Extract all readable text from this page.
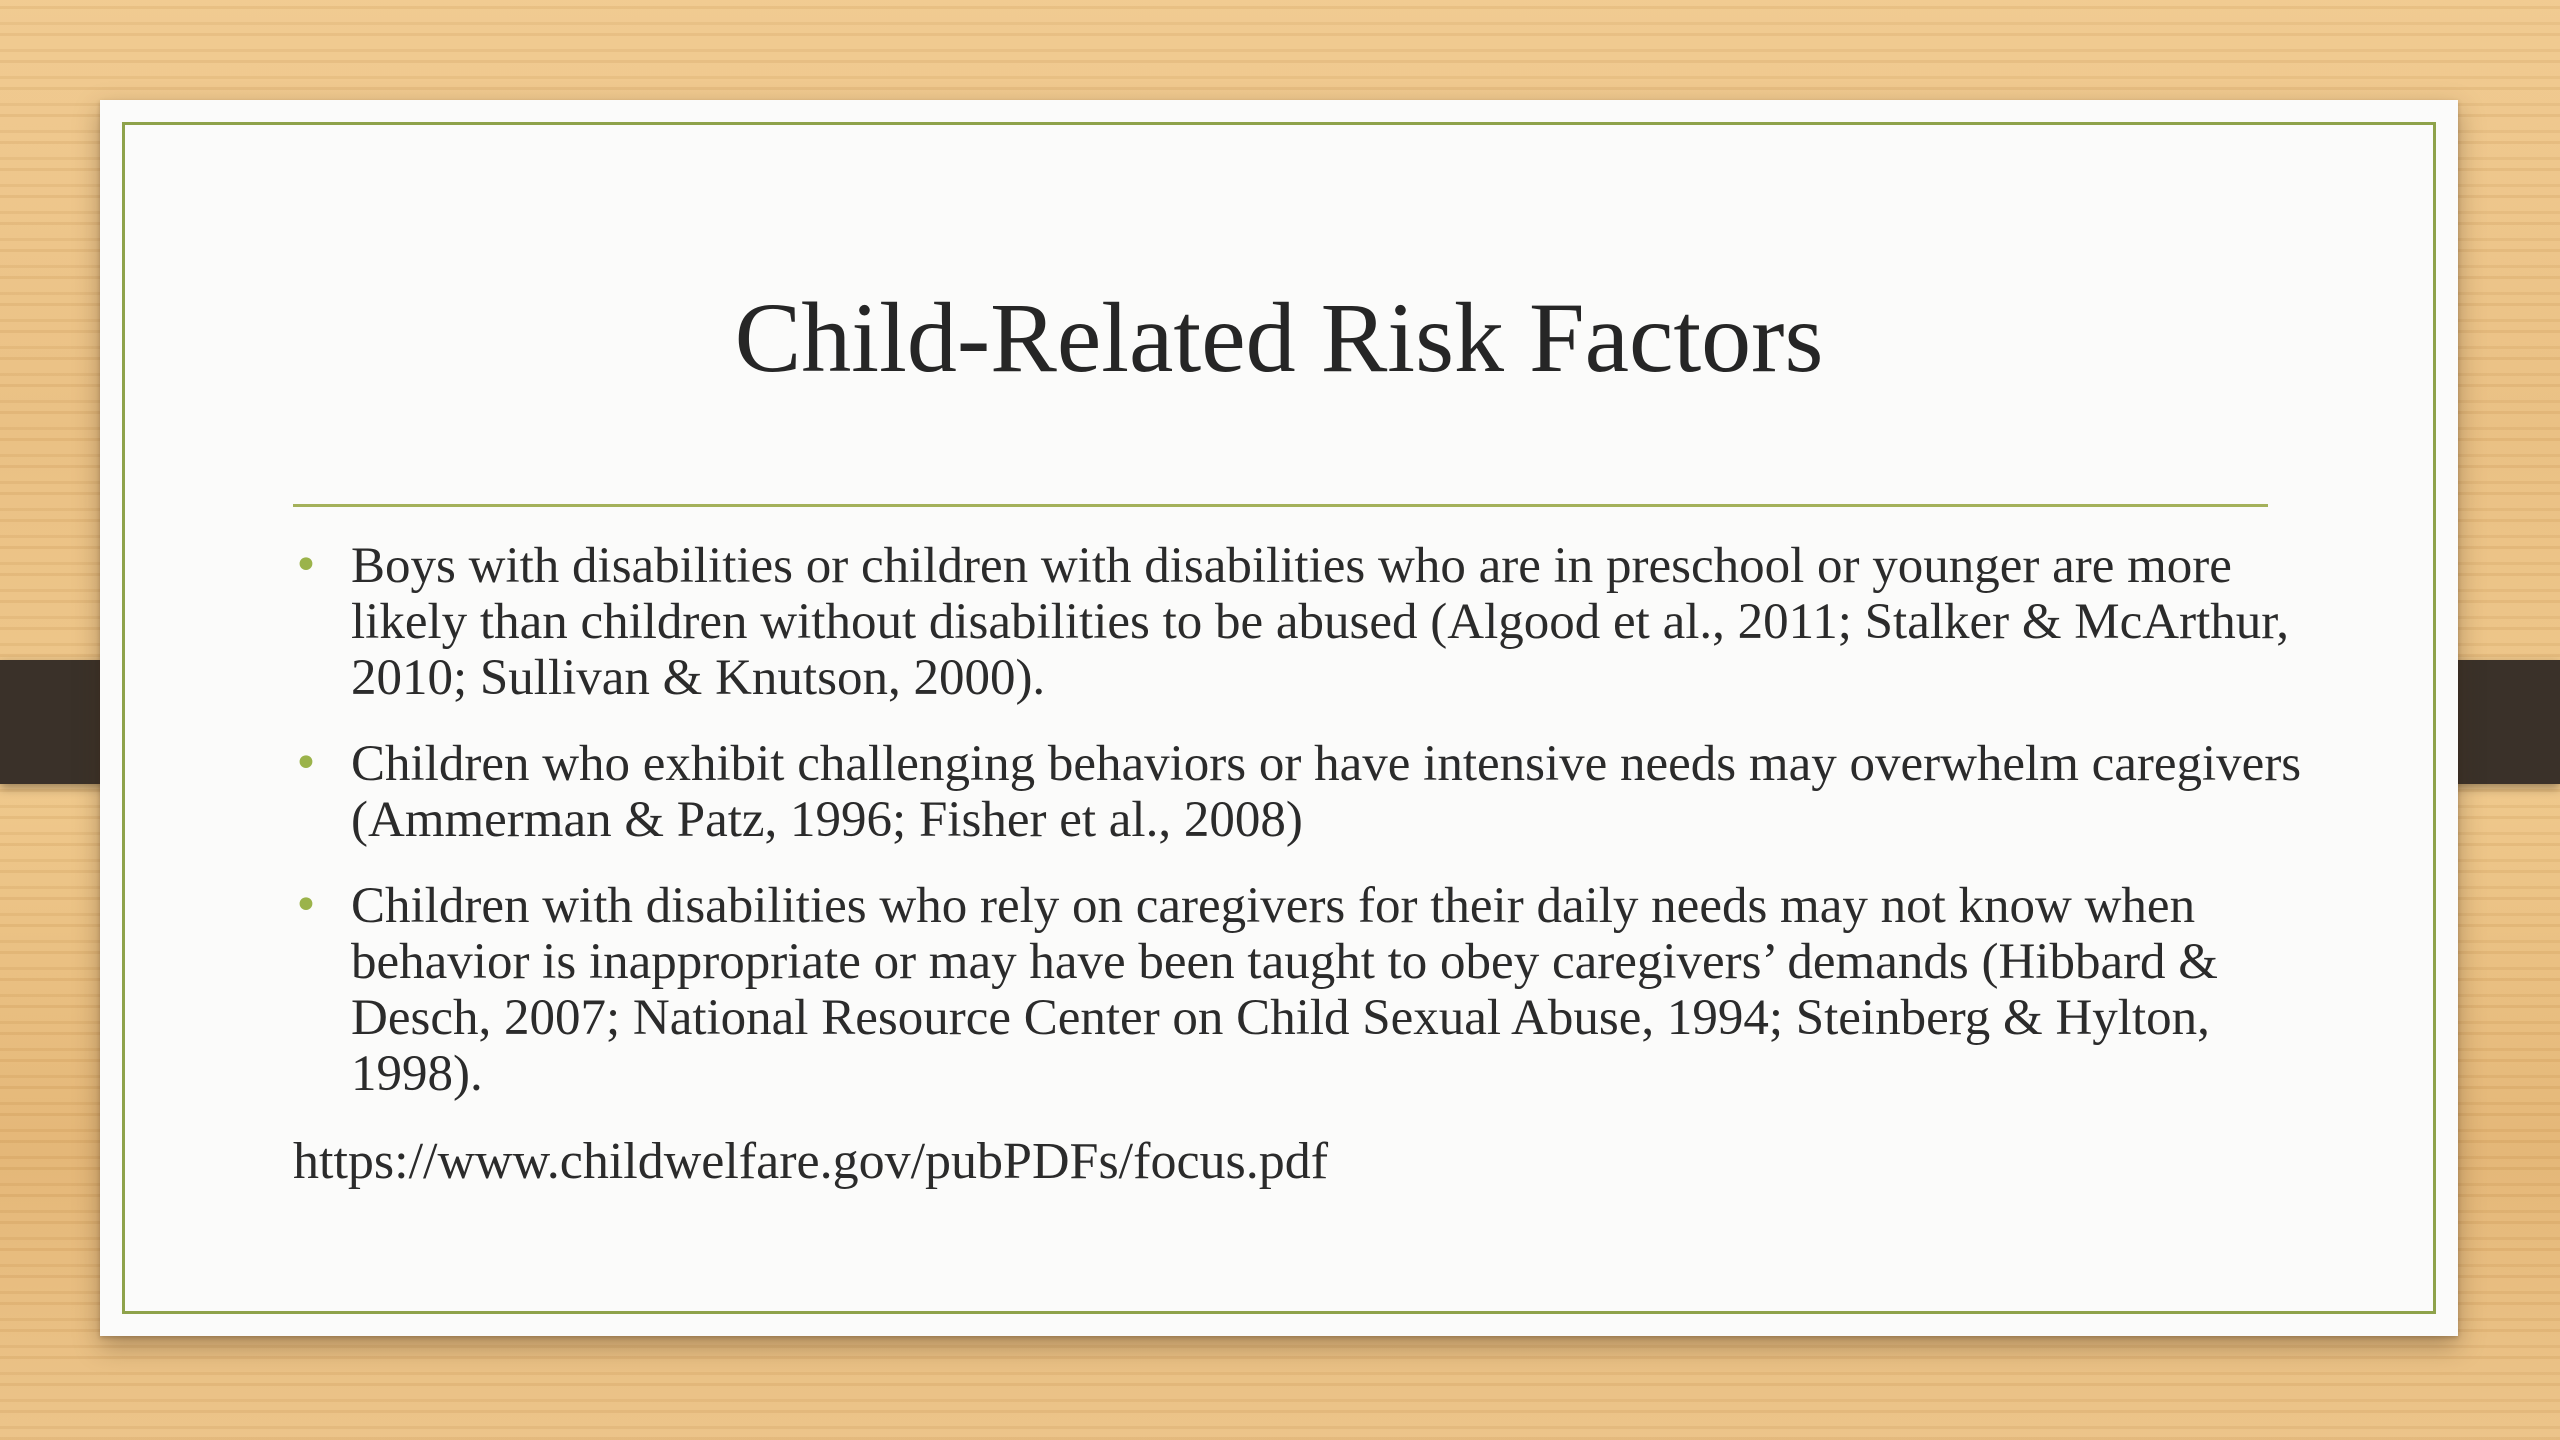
Child-Related Risk Factors
• Boys with disabilities or children with disabilities who are in preschool or younger are more likely than children without disabilities to be abused (Algood et al., 2011; Stalker & McArthur, 2010; Sullivan & Knutson, 2000).
• Children who exhibit challenging behaviors or have intensive needs may overwhelm caregivers (Ammerman & Patz, 1996; Fisher et al., 2008)
• Children with disabilities who rely on caregivers for their daily needs may not know when behavior is inappropriate or may have been taught to obey caregivers’ demands (Hibbard & Desch, 2007; National Resource Center on Child Sexual Abuse, 1994; Steinberg & Hylton, 1998).
https://www.childwelfare.gov/pubPDFs/focus.pdf
